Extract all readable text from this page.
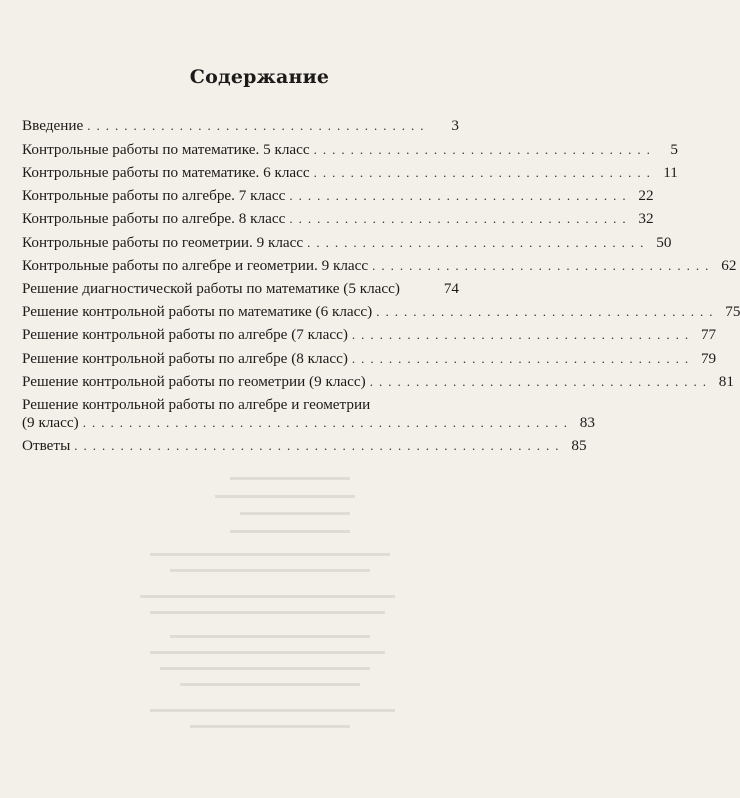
Содержание
Введение .....................................	3
Контрольные работы по математике. 5 класс ..................................... 5
Контрольные работы по математике. 6 класс ..................................... 11
Контрольные работы по алгебре. 7 класс ..................................... 22
Контрольные работы по алгебре. 8 класс ..................................... 32
Контрольные работы по геометрии. 9 класс ..................................... 50
Контрольные работы по алгебре и геометрии. 9 класс ..................................... 62
Решение диагностической работы по математике (5 класс)	74
Решение контрольной работы по математике (6 класс) ..................................... 75
Решение контрольной работы по алгебре (7 класс) ..................................... 77
Решение контрольной работы по алгебре (8 класс) ..................................... 79
Решение контрольной работы по геометрии (9 класс) ..................................... 81
Решение контрольной работы по алгебре и геометрии
(9 класс) ..................................................... 83
Ответы ..................................................... 85
